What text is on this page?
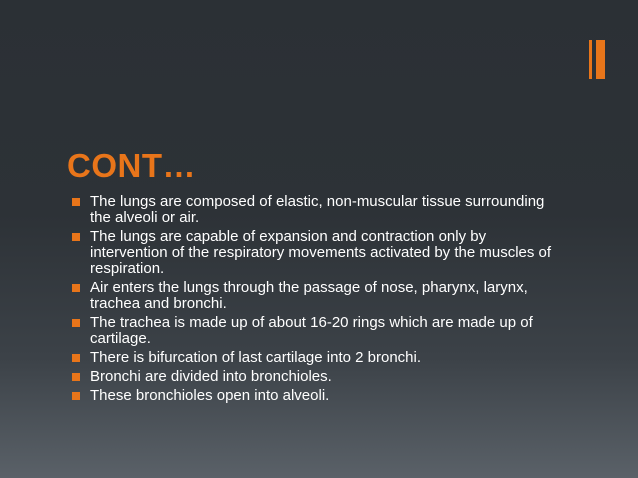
CONT…
The lungs are composed of elastic, non-muscular tissue surrounding the alveoli or air.
The lungs are capable of expansion and contraction only by intervention of the respiratory movements activated by the muscles of respiration.
Air enters the lungs through the passage of nose, pharynx, larynx, trachea and bronchi.
The trachea is made up of about 16-20 rings which are made up of cartilage.
There is bifurcation of last cartilage into 2 bronchi.
Bronchi are divided into bronchioles.
These bronchioles open into alveoli.
